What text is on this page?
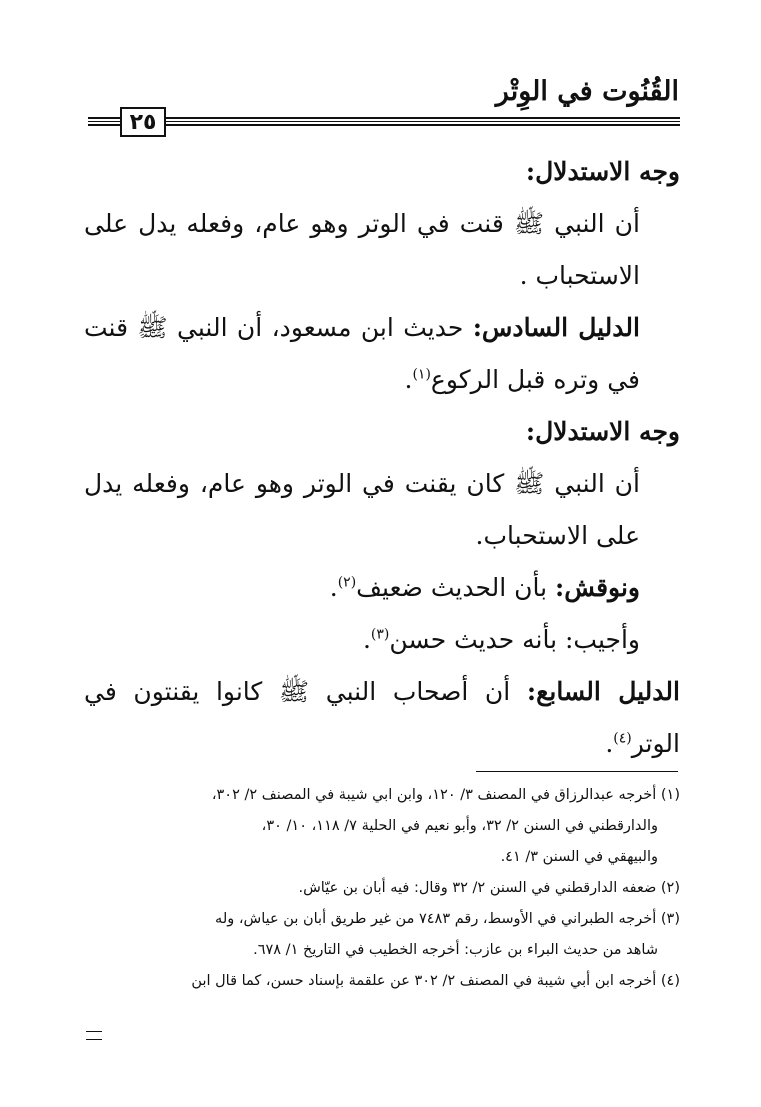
القُنُوت في الوِتْر
٢٥

وجه الاستدلال:

أن النبي ﷺ قنت في الوتر وهو عام، وفعله يدل على الاستحباب .

الدليل السادس: حديث ابن مسعود، أن النبي ﷺ قنت في وتره قبل الركوع$^{(١)}$.

وجه الاستدلال:

أن النبي ﷺ كان يقنت في الوتر وهو عام، وفعله يدل على الاستحباب.

ونوقش: بأن الحديث ضعيف$^{(٢)}$.

وأجيب: بأنه حديث حسن$^{(٣)}$.

الدليل السابع: أن أصحاب النبي ﷺ كانوا يقنتون في الوتر$^{(٤)}$.

(١) أخرجه عبدالرزاق في المصنف ٣/ ١٢٠، وابن ابي شيبة في المصنف ٢/ ٣٠٢،

والدارقطني في السنن ٢/ ٣٢، وأبو نعيم في الحلية ٧/ ١١٨، ١٠/ ٣٠،

والبيهقي في السنن ٣/ ٤١.

(٢) ضعفه الدارقطني في السنن ٢/ ٣٢ وقال: فيه أبان بن عيّاش.

(٣) أخرجه الطبراني في الأوسط، رقم ٧٤٨٣ من غير طريق أبان بن عياش، وله

شاهد من حديث البراء بن عازب: أخرجه الخطيب في التاريخ ١/ ٦٧٨.

(٤) أخرجه ابن أبي شيبة في المصنف ٢/ ٣٠٢ عن علقمة بإسناد حسن، كما قال ابن
